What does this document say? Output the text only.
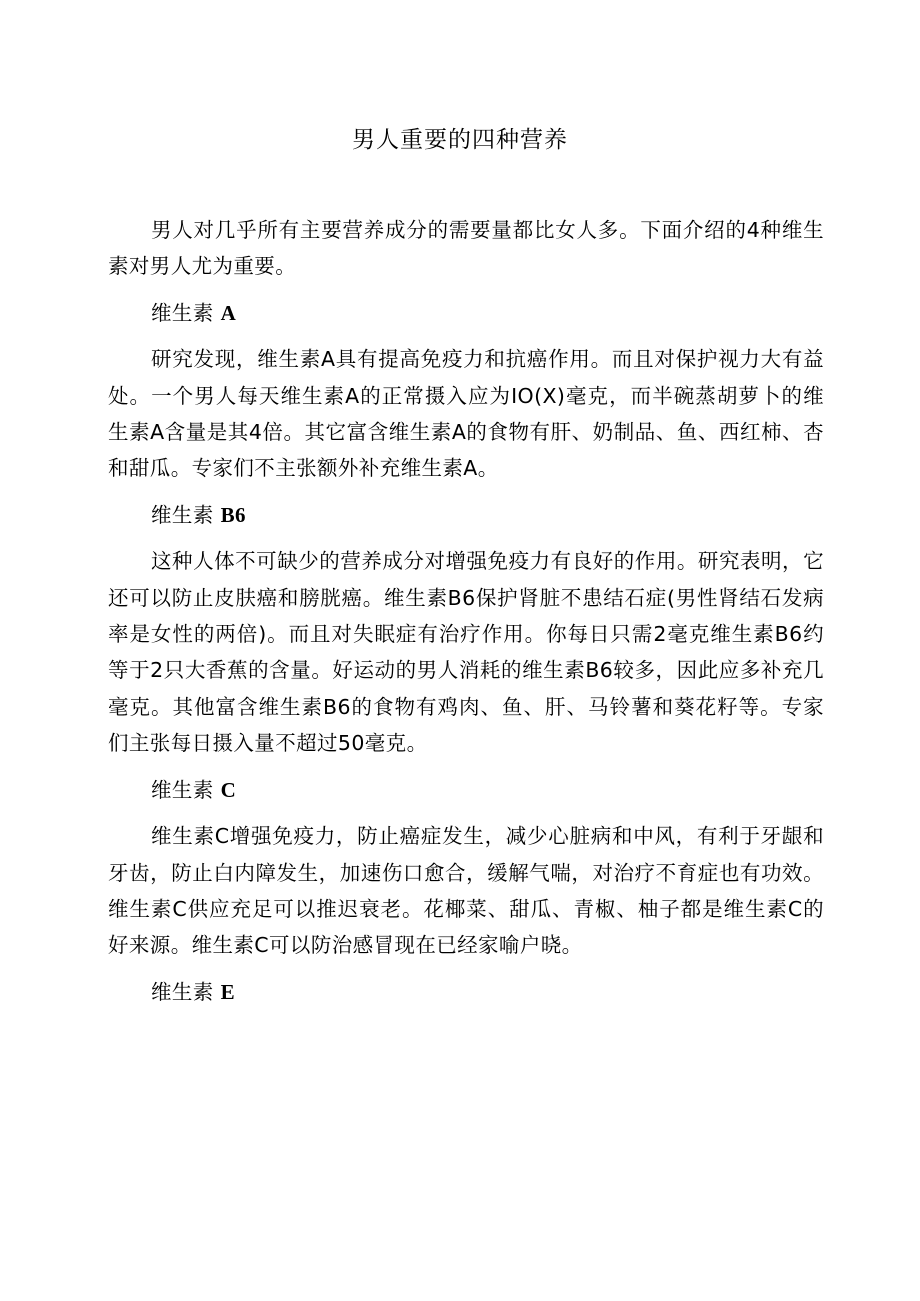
男人重要的四种营养

男人对几乎所有主要营养成分的需要量都比女人多。下面介绍的4种维生素对男人尤为重要。

维生素 A

研究发现，维生素A具有提高免疫力和抗癌作用。而且对保护视力大有益处。一个男人每天维生素A的正常摄入应为IO(X)毫克，而半碗蒸胡萝卜的维生素A含量是其4倍。其它富含维生素A的食物有肝、奶制品、鱼、西红柿、杏和甜瓜。专家们不主张额外补充维生素A。

维生素 B6

这种人体不可缺少的营养成分对增强免疫力有良好的作用。研究表明，它还可以防止皮肤癌和膀胱癌。维生素B6保护肾脏不患结石症(男性肾结石发病率是女性的两倍)。而且对失眠症有治疗作用。你每日只需2毫克维生素B6约等于2只大香蕉的含量。好运动的男人消耗的维生素B6较多，因此应多补充几毫克。其他富含维生素B6的食物有鸡肉、鱼、肝、马铃薯和葵花籽等。专家们主张每日摄入量不超过50毫克。

维生素 C

维生素C增强免疫力，防止癌症发生，减少心脏病和中风，有利于牙龈和牙齿，防止白内障发生，加速伤口愈合，缓解气喘，对治疗不育症也有功效。维生素C供应充足可以推迟衰老。花椰菜、甜瓜、青椒、柚子都是维生素C的好来源。维生素C可以防治感冒现在已经家喻户晓。

维生素 E
